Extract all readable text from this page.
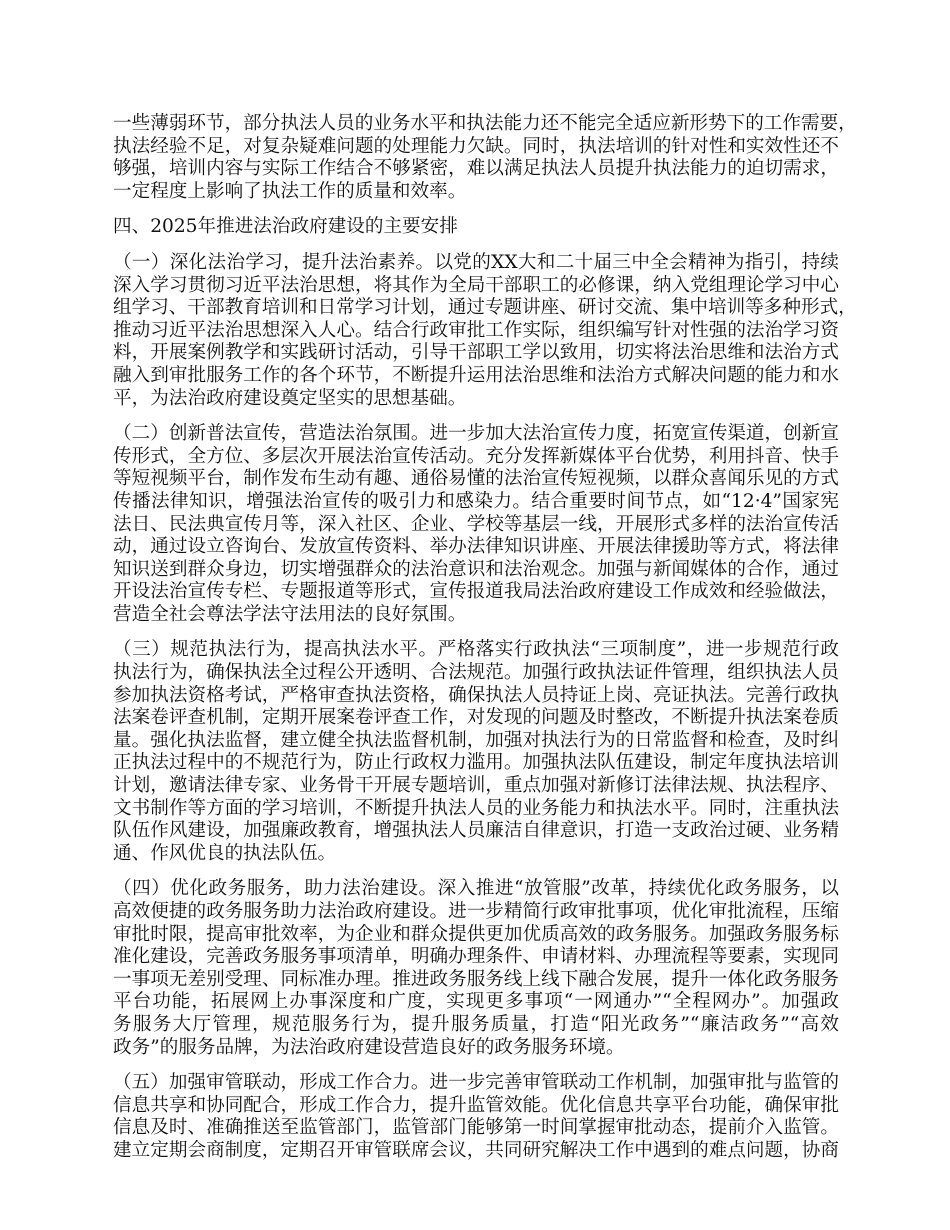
一些薄弱环节，部分执法人员的业务水平和执法能力还不能完全适应新形势下的工作需要，
执法经验不足，对复杂疑难问题的处理能力欠缺。同时，执法培训的针对性和实效性还不
够强，培训内容与实际工作结合不够紧密，难以满足执法人员提升执法能力的迫切需求，
一定程度上影响了执法工作的质量和效率。
四、2025年推进法治政府建设的主要安排
（一）深化法治学习，提升法治素养。以党的XX大和二十届三中全会精神为指引，持续
深入学习贯彻习近平法治思想，将其作为全局干部职工的必修课，纳入党组理论学习中心
组学习、干部教育培训和日常学习计划，通过专题讲座、研讨交流、集中培训等多种形式，
推动习近平法治思想深入人心。结合行政审批工作实际，组织编写针对性强的法治学习资
料，开展案例教学和实践研讨活动，引导干部职工学以致用，切实将法治思维和法治方式
融入到审批服务工作的各个环节，不断提升运用法治思维和法治方式解决问题的能力和水
平，为法治政府建设奠定坚实的思想基础。
（二）创新普法宣传，营造法治氛围。进一步加大法治宣传力度，拓宽宣传渠道，创新宣
传形式，全方位、多层次开展法治宣传活动。充分发挥新媒体平台优势，利用抖音、快手
等短视频平台，制作发布生动有趣、通俗易懂的法治宣传短视频，以群众喜闻乐见的方式
传播法律知识，增强法治宣传的吸引力和感染力。结合重要时间节点，如“12·4”国家宪
法日、民法典宣传月等，深入社区、企业、学校等基层一线，开展形式多样的法治宣传活
动，通过设立咨询台、发放宣传资料、举办法律知识讲座、开展法律援助等方式，将法律
知识送到群众身边，切实增强群众的法治意识和法治观念。加强与新闻媒体的合作，通过
开设法治宣传专栏、专题报道等形式，宣传报道我局法治政府建设工作成效和经验做法，
营造全社会尊法学法守法用法的良好氛围。
（三）规范执法行为，提高执法水平。严格落实行政执法“三项制度”，进一步规范行政
执法行为，确保执法全过程公开透明、合法规范。加强行政执法证件管理，组织执法人员
参加执法资格考试，严格审查执法资格，确保执法人员持证上岗、亮证执法。完善行政执
法案卷评查机制，定期开展案卷评查工作，对发现的问题及时整改，不断提升执法案卷质
量。强化执法监督，建立健全执法监督机制，加强对执法行为的日常监督和检查，及时纠
正执法过程中的不规范行为，防止行政权力滥用。加强执法队伍建设，制定年度执法培训
计划，邀请法律专家、业务骨干开展专题培训，重点加强对新修订法律法规、执法程序、
文书制作等方面的学习培训，不断提升执法人员的业务能力和执法水平。同时，注重执法
队伍作风建设，加强廉政教育，增强执法人员廉洁自律意识，打造一支政治过硬、业务精
通、作风优良的执法队伍。
（四）优化政务服务，助力法治建设。深入推进“放管服”改革，持续优化政务服务，以
高效便捷的政务服务助力法治政府建设。进一步精简行政审批事项，优化审批流程，压缩
审批时限，提高审批效率，为企业和群众提供更加优质高效的政务服务。加强政务服务标
准化建设，完善政务服务事项清单，明确办理条件、申请材料、办理流程等要素，实现同
一事项无差别受理、同标准办理。推进政务服务线上线下融合发展，提升一体化政务服务
平台功能，拓展网上办事深度和广度，实现更多事项“一网通办”“全程网办”。加强政
务服务大厅管理，规范服务行为，提升服务质量，打造“阳光政务”“廉洁政务”“高效
政务”的服务品牌，为法治政府建设营造良好的政务服务环境。
（五）加强审管联动，形成工作合力。进一步完善审管联动工作机制，加强审批与监管的
信息共享和协同配合，形成工作合力，提升监管效能。优化信息共享平台功能，确保审批
信息及时、准确推送至监管部门，监管部门能够第一时间掌握审批动态，提前介入监管。
建立定期会商制度，定期召开审管联席会议，共同研究解决工作中遇到的难点问题，协商
